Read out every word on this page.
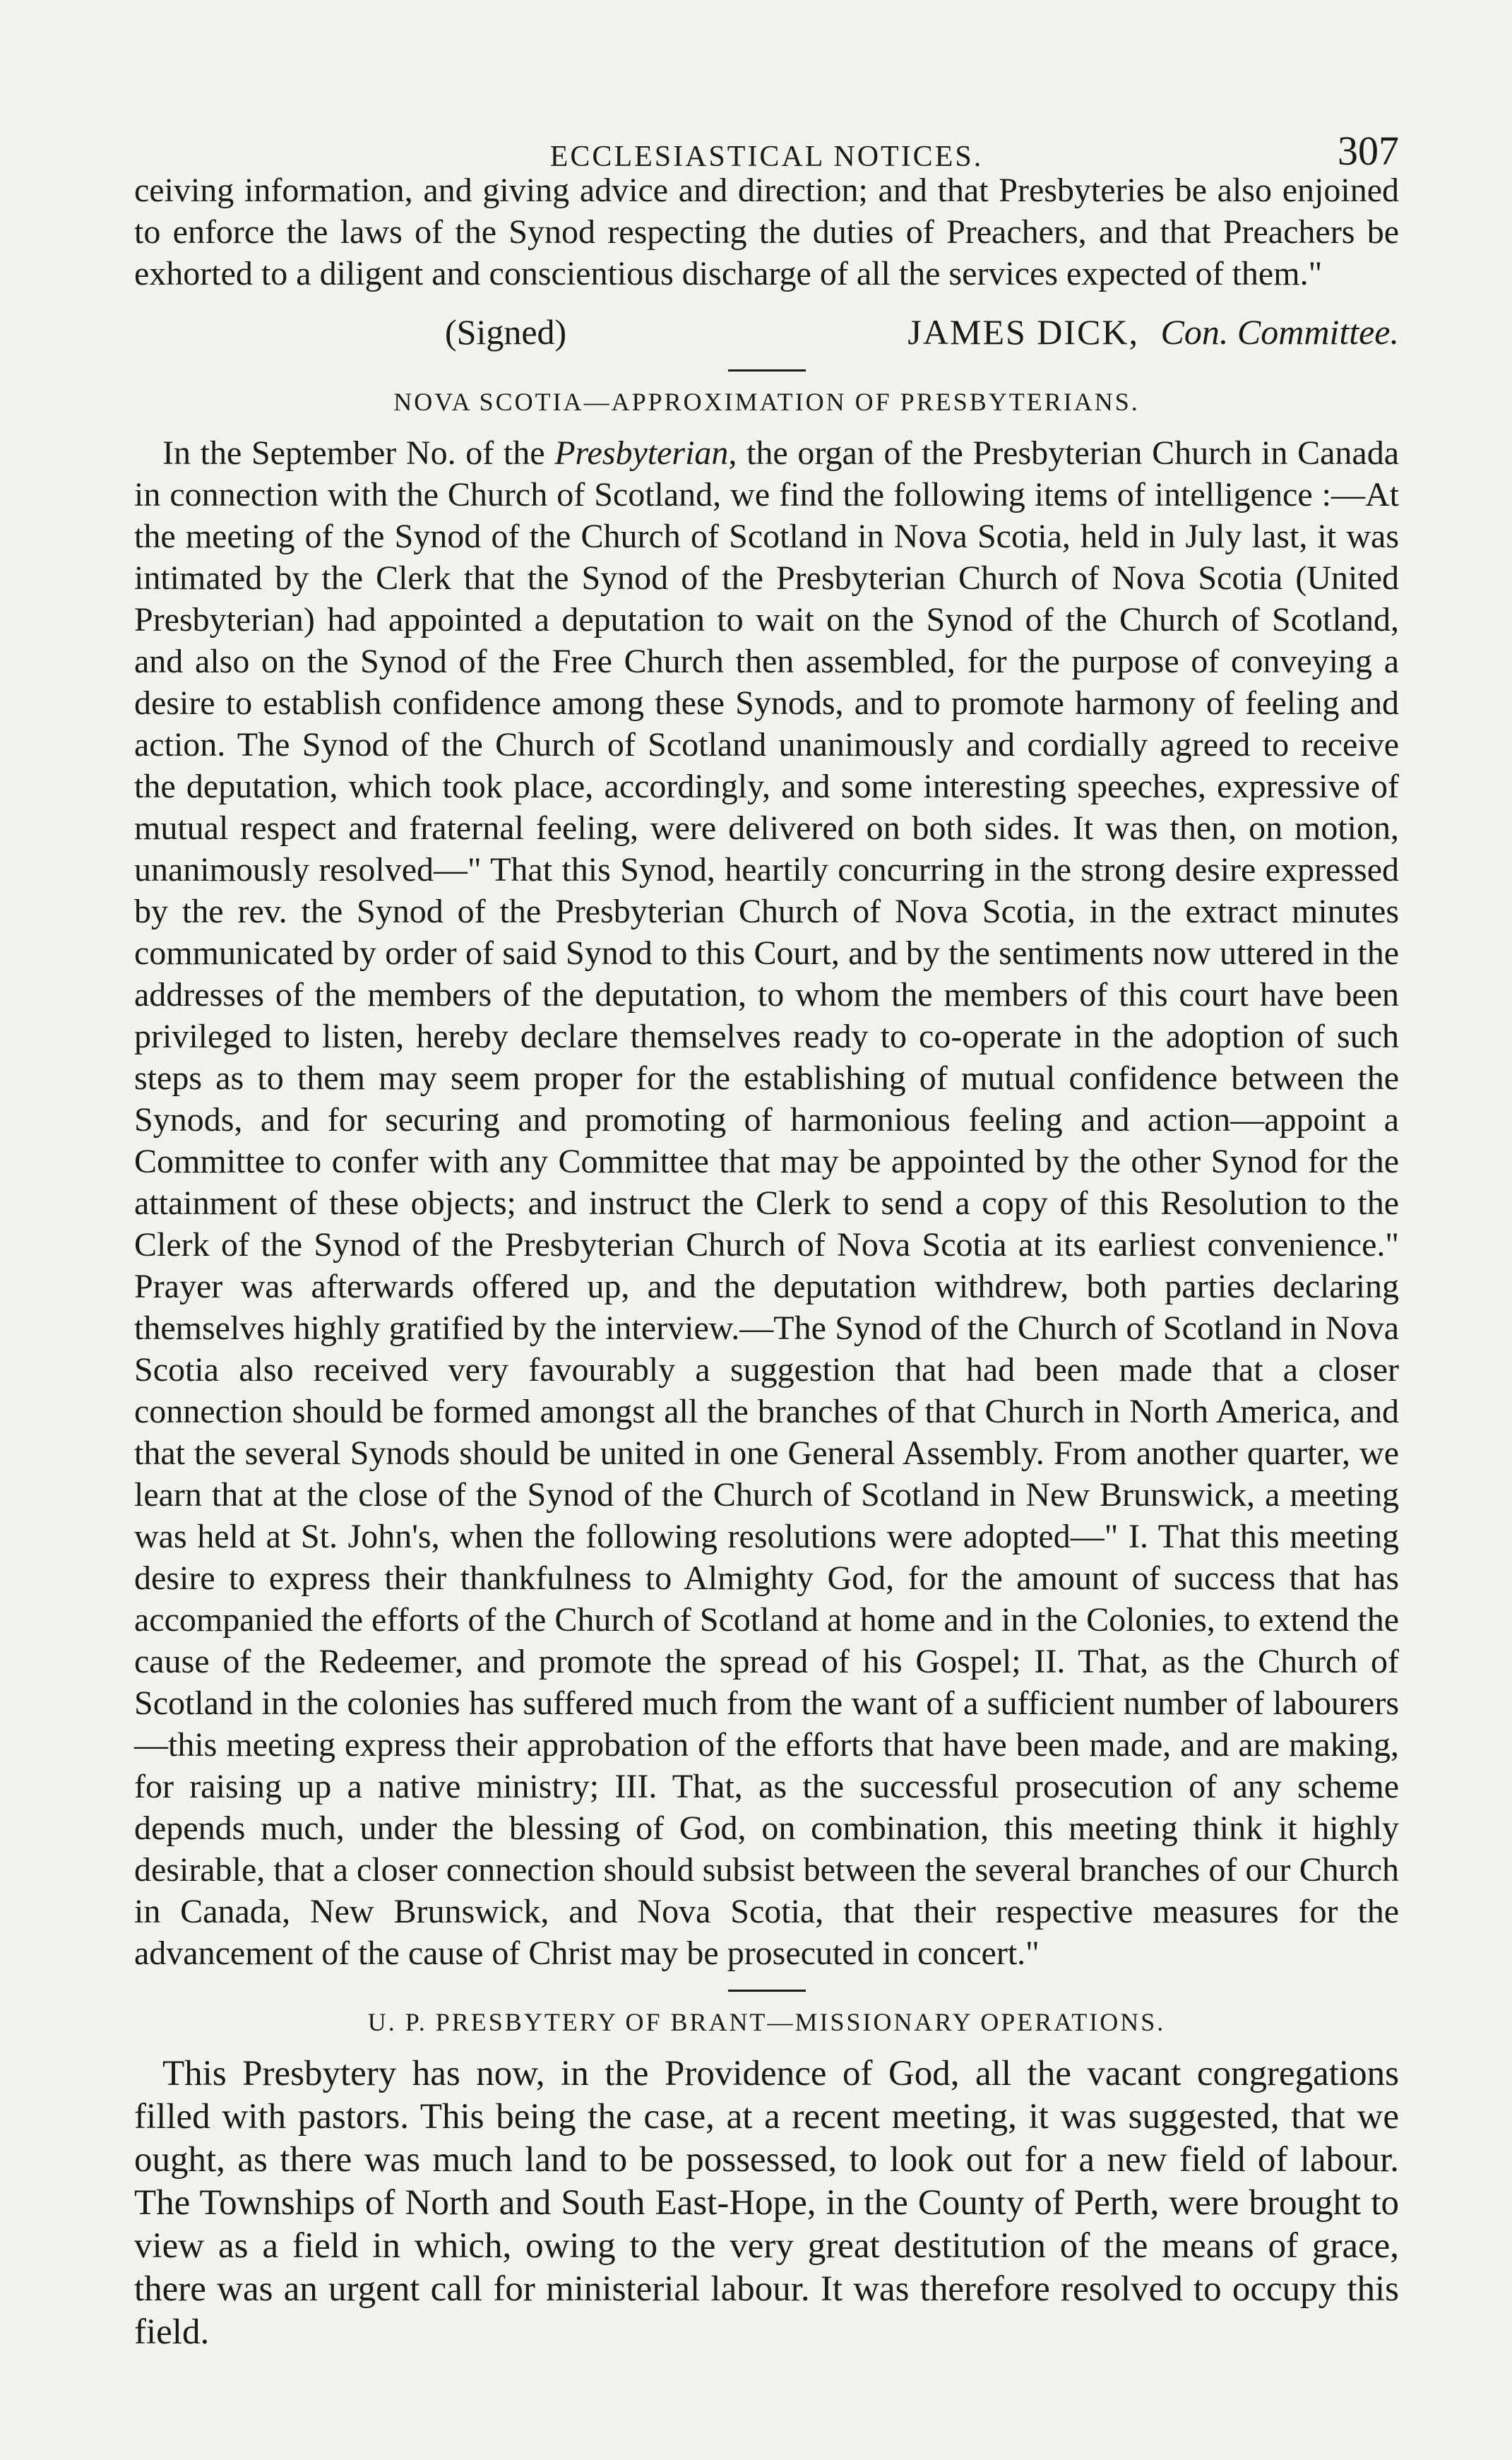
ECCLESIASTICAL NOTICES.	307

ceiving information, and giving advice and direction; and that Presbyteries be also enjoined to enforce the laws of the Synod respecting the duties of Preachers, and that Preachers be exhorted to a diligent and conscientious discharge of all the services expected of them."

(Signed)	JAMES DICK, Con. Committee.
NOVA SCOTIA—APPROXIMATION OF PRESBYTERIANS.

In the September No. of the Presbyterian, the organ of the Presbyterian Church in Canada in connection with the Church of Scotland, we find the following items of intelligence :—At the meeting of the Synod of the Church of Scotland in Nova Scotia, held in July last, it was intimated by the Clerk that the Synod of the Presbyterian Church of Nova Scotia (United Presbyterian) had appointed a deputation to wait on the Synod of the Church of Scotland, and also on the Synod of the Free Church then assembled, for the purpose of conveying a desire to establish confidence among these Synods, and to promote harmony of feeling and action. The Synod of the Church of Scotland unanimously and cordially agreed to receive the deputation, which took place, accordingly, and some interesting speeches, expressive of mutual respect and fraternal feeling, were delivered on both sides. It was then, on motion, unanimously resolved—" That this Synod, heartily concurring in the strong desire expressed by the rev. the Synod of the Presbyterian Church of Nova Scotia, in the extract minutes communicated by order of said Synod to this Court, and by the sentiments now uttered in the addresses of the members of the deputation, to whom the members of this court have been privileged to listen, hereby declare themselves ready to co-operate in the adoption of such steps as to them may seem proper for the establishing of mutual confidence between the Synods, and for securing and promoting of harmonious feeling and action—appoint a Committee to confer with any Committee that may be appointed by the other Synod for the attainment of these objects; and instruct the Clerk to send a copy of this Resolution to the Clerk of the Synod of the Presbyterian Church of Nova Scotia at its earliest convenience." Prayer was afterwards offered up, and the deputation withdrew, both parties declaring themselves highly gratified by the interview.—The Synod of the Church of Scotland in Nova Scotia also received very favourably a suggestion that had been made that a closer connection should be formed amongst all the branches of that Church in North America, and that the several Synods should be united in one General Assembly. From another quarter, we learn that at the close of the Synod of the Church of Scotland in New Brunswick, a meeting was held at St. John's, when the following resolutions were adopted—" I. That this meeting desire to express their thankfulness to Almighty God, for the amount of success that has accompanied the efforts of the Church of Scotland at home and in the Colonies, to extend the cause of the Redeemer, and promote the spread of his Gospel; II. That, as the Church of Scotland in the colonies has suffered much from the want of a sufficient number of labourers—this meeting express their approbation of the efforts that have been made, and are making, for raising up a native ministry; III. That, as the successful prosecution of any scheme depends much, under the blessing of God, on combination, this meeting think it highly desirable, that a closer connection should subsist between the several branches of our Church in Canada, New Brunswick, and Nova Scotia, that their respective measures for the advancement of the cause of Christ may be prosecuted in concert."

U. P. PRESBYTERY OF BRANT—MISSIONARY OPERATIONS.

This Presbytery has now, in the Providence of God, all the vacant congregations filled with pastors. This being the case, at a recent meeting, it was suggested, that we ought, as there was much land to be possessed, to look out for a new field of labour. The Townships of North and South East-Hope, in the County of Perth, were brought to view as a field in which, owing to the very great destitution of the means of grace, there was an urgent call for ministerial labour. It was therefore resolved to occupy this field.
